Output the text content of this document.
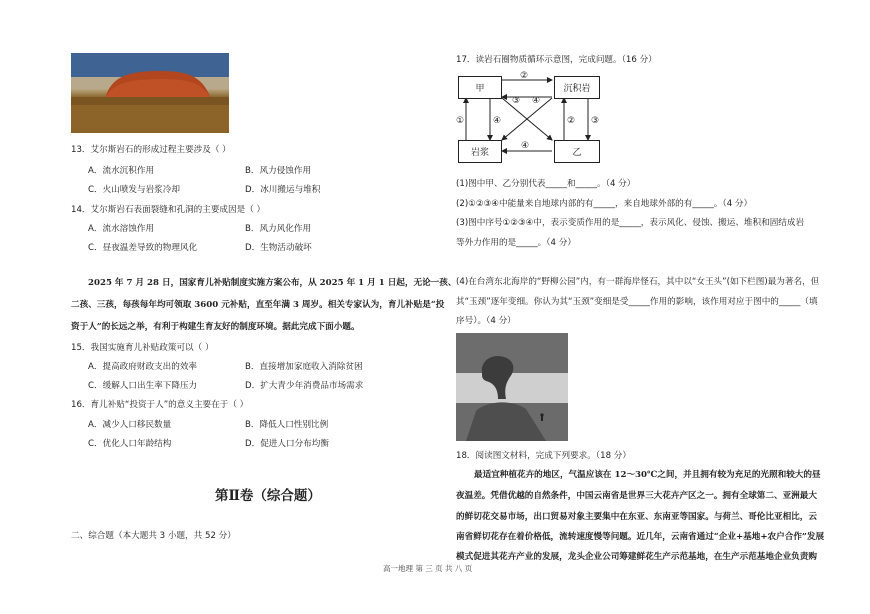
13．艾尔斯岩石的形成过程主要涉及（ ）
A．流水沉积作用	B．风力侵蚀作用
C．火山喷发与岩浆冷却	D．冰川搬运与堆积
14．艾尔斯岩石表面裂缝和孔洞的主要成因是（ ）
A．流水溶蚀作用	B．风力风化作用
C．昼夜温差导致的物理风化	D．生物活动破坏
2025 年 7 月 28 日，国家育儿补贴制度实施方案公布，从 2025 年 1 月 1 日起，无论一孩、
二孩、三孩，每孩每年均可领取 3600 元补贴，直至年满 3 周岁。相关专家认为，育儿补贴是“投
资于人”的长远之举，有利于构建生育友好的制度环境。据此完成下面小题。
15．我国实施育儿补贴政策可以（ ）
A．提高政府财政支出的效率	B．直接增加家庭收入消除贫困
C．缓解人口出生率下降压力	D．扩大青少年消费品市场需求
16．育儿补贴“投资于人”的意义主要在于（ ）
A．减少人口移民数量	B．降低人口性别比例
C．优化人口年龄结构	D．促进人口分布均衡
第Ⅱ卷（综合题）
二、综合题（本大题共 3 小题，共 52 分）
17．读岩石圈物质循环示意图，完成问题。（16 分）
甲	沉积岩
岩浆	乙
②
③ ④
①	④
④
② ③
(1)图中甲、乙分别代表_____和_____。（4 分）
(2)①②③④中能量来自地球内部的有_____，来自地球外部的有_____。（4 分）
(3)图中序号①②③④中，表示变质作用的是_____，表示风化、侵蚀、搬运、堆积和固结成岩
等外力作用的是_____。（4 分）
(4)在台湾东北海岸的“野柳公园”内，有一群海岸怪石，其中以“女王头”(如下栏图)最为著名，但
其“玉颈”逐年变细。你认为其“玉颈”变细是受_____作用的影响，该作用对应于图中的_____（填
序号）。（4 分）
18．阅读图文材料，完成下列要求。（18 分）
最适宜种植花卉的地区，气温应该在 12～30℃之间，并且拥有较为充足的光照和较大的昼
夜温差。凭借优越的自然条件，中国云南省是世界三大花卉产区之一。拥有全球第二、亚洲最大
的鲜切花交易市场，出口贸易对象主要集中在东亚、东南亚等国家。与荷兰、哥伦比亚相比，云
南省鲜切花存在着价格低，流转速度慢等问题。近几年，云南省通过“企业+基地+农户合作”发展
模式促进其花卉产业的发展，龙头企业公司筹建鲜花生产示范基地，在生产示范基地企业负责购
高一地理 第 三 页 共 八 页
